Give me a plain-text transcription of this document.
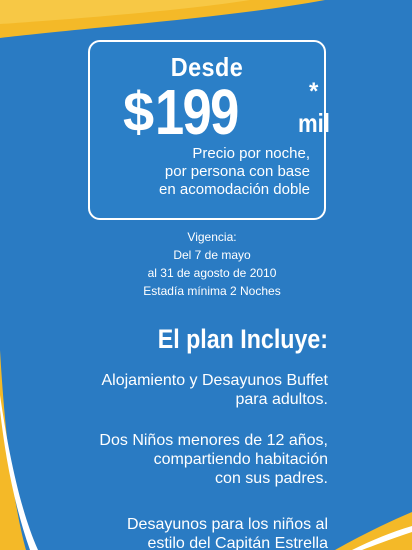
Desde
$199	*
mil
Precio por noche,
por persona con base
en acomodación doble
Vigencia:
Del 7 de mayo
al 31 de agosto de 2010
Estadía mínima 2 Noches
El plan Incluye:
Alojamiento y Desayunos Buffet
para adultos.
Dos Niños menores de 12 años,
compartiendo habitación
con sus padres.
Desayunos para los niños al
estilo del Capitán Estrella
